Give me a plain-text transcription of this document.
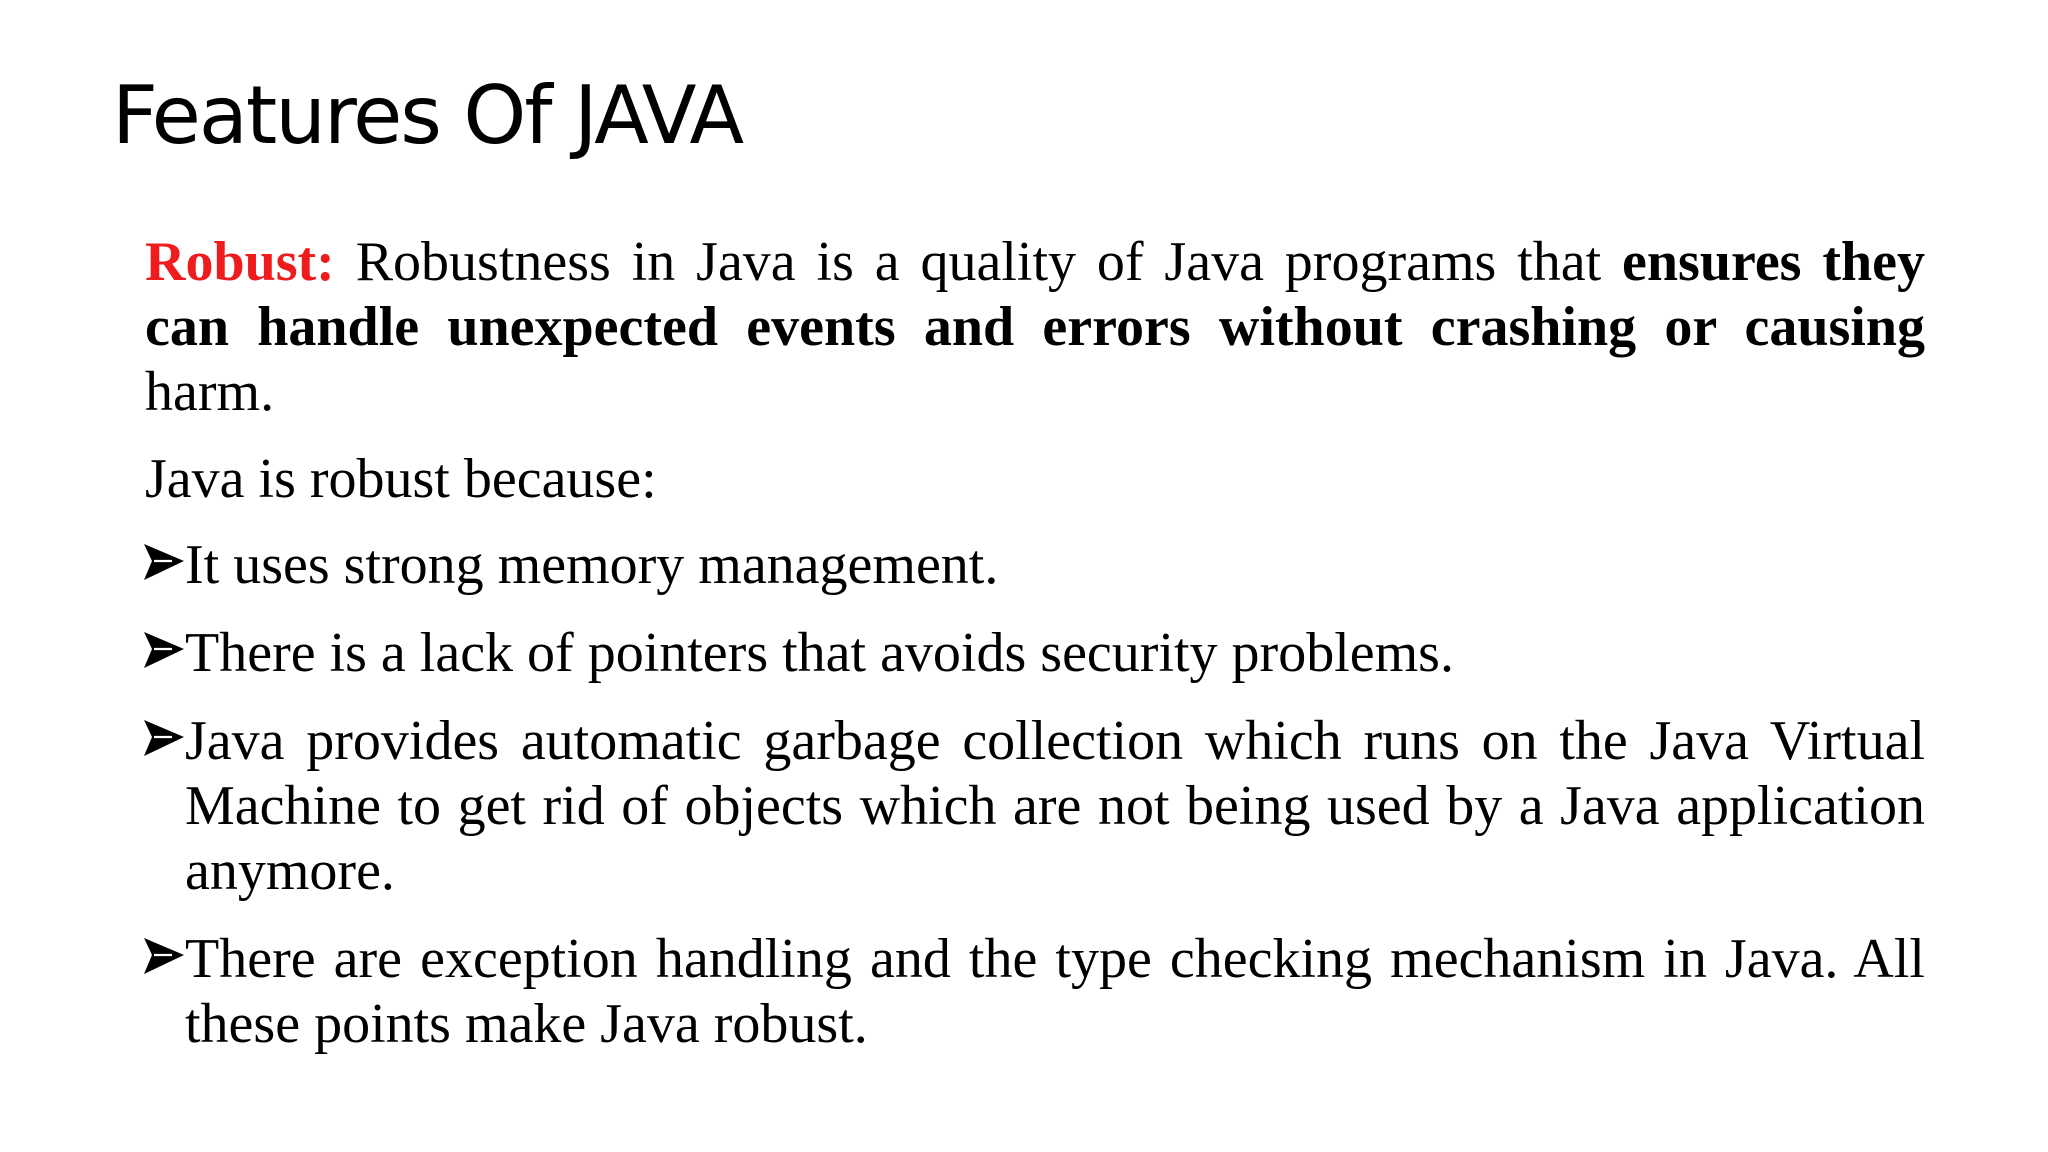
Features Of JAVA

Robust: Robustness in Java is a quality of Java programs that ensures they can handle unexpected events and errors without crashing or causing harm.

Java is robust because:

It uses strong memory management.
There is a lack of pointers that avoids security problems.
Java provides automatic garbage collection which runs on the Java Virtual Machine to get rid of objects which are not being used by a Java application anymore.
There are exception handling and the type checking mechanism in Java. All these points make Java robust.
